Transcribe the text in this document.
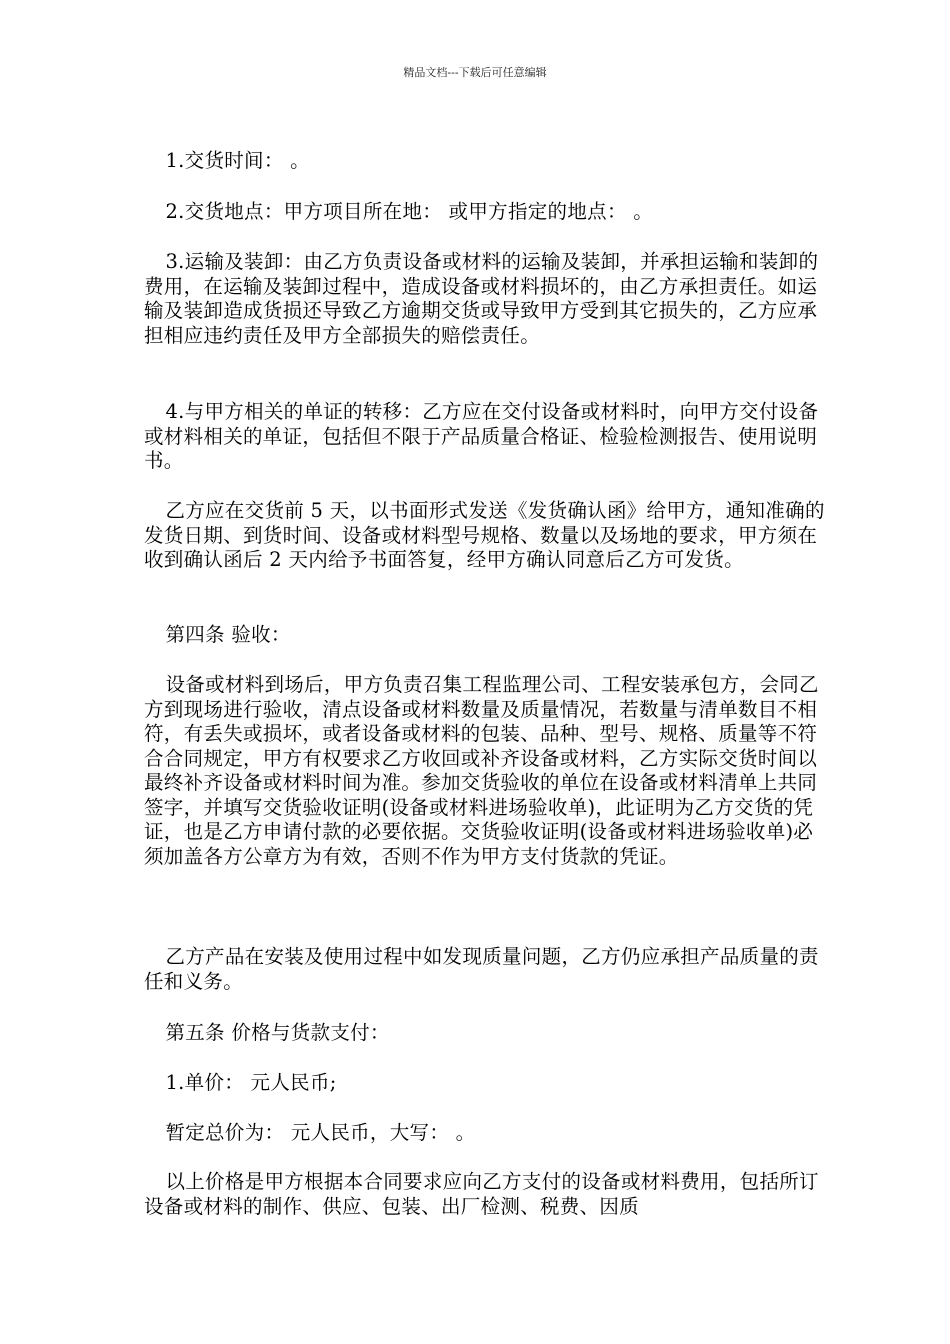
精品文档---下载后可任意编辑

1.交货时间： 。

2.交货地点：甲方项目所在地： 或甲方指定的地点： 。

3.运输及装卸：由乙方负责设备或材料的运输及装卸，并承担运输和装卸的费用，在运输及装卸过程中，造成设备或材料损坏的，由乙方承担责任。如运输及装卸造成货损还导致乙方逾期交货或导致甲方受到其它损失的，乙方应承担相应违约责任及甲方全部损失的赔偿责任。

4.与甲方相关的单证的转移：乙方应在交付设备或材料时，向甲方交付设备或材料相关的单证，包括但不限于产品质量合格证、检验检测报告、使用说明书。

乙方应在交货前 5 天，以书面形式发送《发货确认函》给甲方，通知准确的发货日期、到货时间、设备或材料型号规格、数量以及场地的要求，甲方须在收到确认函后 2 天内给予书面答复，经甲方确认同意后乙方可发货。

第四条 验收：

设备或材料到场后，甲方负责召集工程监理公司、工程安装承包方，会同乙方到现场进行验收，清点设备或材料数量及质量情况，若数量与清单数目不相符，有丢失或损坏，或者设备或材料的包装、品种、型号、规格、质量等不符合合同规定，甲方有权要求乙方收回或补齐设备或材料，乙方实际交货时间以最终补齐设备或材料时间为准。参加交货验收的单位在设备或材料清单上共同签字，并填写交货验收证明(设备或材料进场验收单)，此证明为乙方交货的凭证，也是乙方申请付款的必要依据。交货验收证明(设备或材料进场验收单)必须加盖各方公章方为有效，否则不作为甲方支付货款的凭证。

乙方产品在安装及使用过程中如发现质量问题，乙方仍应承担产品质量的责任和义务。

第五条 价格与货款支付：

1.单价： 元人民币;

暂定总价为： 元人民币，大写： 。

以上价格是甲方根据本合同要求应向乙方支付的设备或材料费用，包括所订设备或材料的制作、供应、包装、出厂检测、税费、因质
